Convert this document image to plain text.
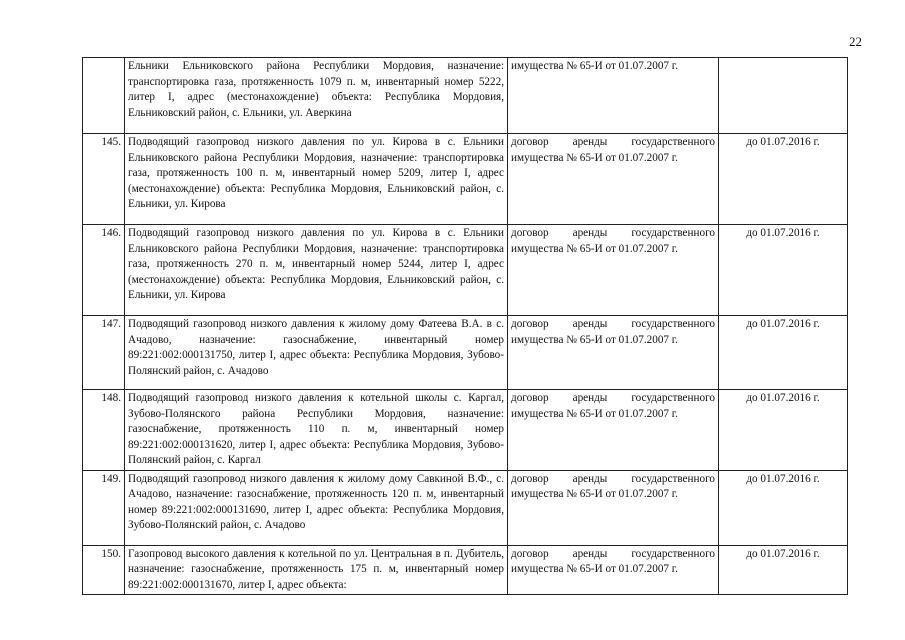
22
	Ельники Ельниковского района Республики Мордовия, назначение: транспортировка газа, протяженность 1079 п. м, инвентарный номер 5222, литер I, адрес (местонахождение) объекта: Республика Мордовия, Ельниковский район, с. Ельники, ул. Аверкина	имущества № 65-И от 01.07.2007 г.	
145.	Подводящий газопровод низкого давления по ул. Кирова в с. Ельники Ельниковского района Республики Мордовия, назначение: транспортировка газа, протяженность 100 п. м, инвентарный номер 5209, литер I, адрес (местонахождение) объекта: Республика Мордовия, Ельниковский район, с. Ельники, ул. Кирова	договор аренды государственного имущества № 65-И от 01.07.2007 г.	до 01.07.2016 г.
146.	Подводящий газопровод низкого давления по ул. Кирова в с. Ельники Ельниковского района Республики Мордовия, назначение: транспортировка газа, протяженность 270 п. м, инвентарный номер 5244, литер I, адрес (местонахождение) объекта: Республика Мордовия, Ельниковский район, с. Ельники, ул. Кирова	договор аренды государственного имущества № 65-И от 01.07.2007 г.	до 01.07.2016 г.
147.	Подводящий газопровод низкого давления к жилому дому Фатеева В.А. в с. Ачадово, назначение: газоснабжение, инвентарный номер 89:221:002:000131750, литер I, адрес объекта: Республика Мордовия, Зубово-Полянский район, с. Ачадово	договор аренды государственного имущества № 65-И от 01.07.2007 г.	до 01.07.2016 г.
148.	Подводящий газопровод низкого давления к котельной школы с. Каргал, Зубово-Полянского района Республики Мордовия, назначение: газоснабжение, протяженность 110 п. м, инвентарный номер 89:221:002:000131620, литер I, адрес объекта: Республика Мордовия, Зубово-Полянский район, с. Каргал	договор аренды государственного имущества № 65-И от 01.07.2007 г.	до 01.07.2016 г.
149.	Подводящий газопровод низкого давления к жилому дому Савкиной В.Ф., с. Ачадово, назначение: газоснабжение, протяженность 120 п. м, инвентарный номер 89:221:002:000131690, литер I, адрес объекта: Республика Мордовия, Зубово-Полянский район, с. Ачадово	договор аренды государственного имущества № 65-И от 01.07.2007 г.	до 01.07.2016 г.
150.	Газопровод высокого давления к котельной по ул. Центральная в п. Дубитель, назначение: газоснабжение, протяженность 175 п. м, инвентарный номер 89:221:002:000131670, литер I, адрес объекта:	договор аренды государственного имущества № 65-И от 01.07.2007 г.	до 01.07.2016 г.
